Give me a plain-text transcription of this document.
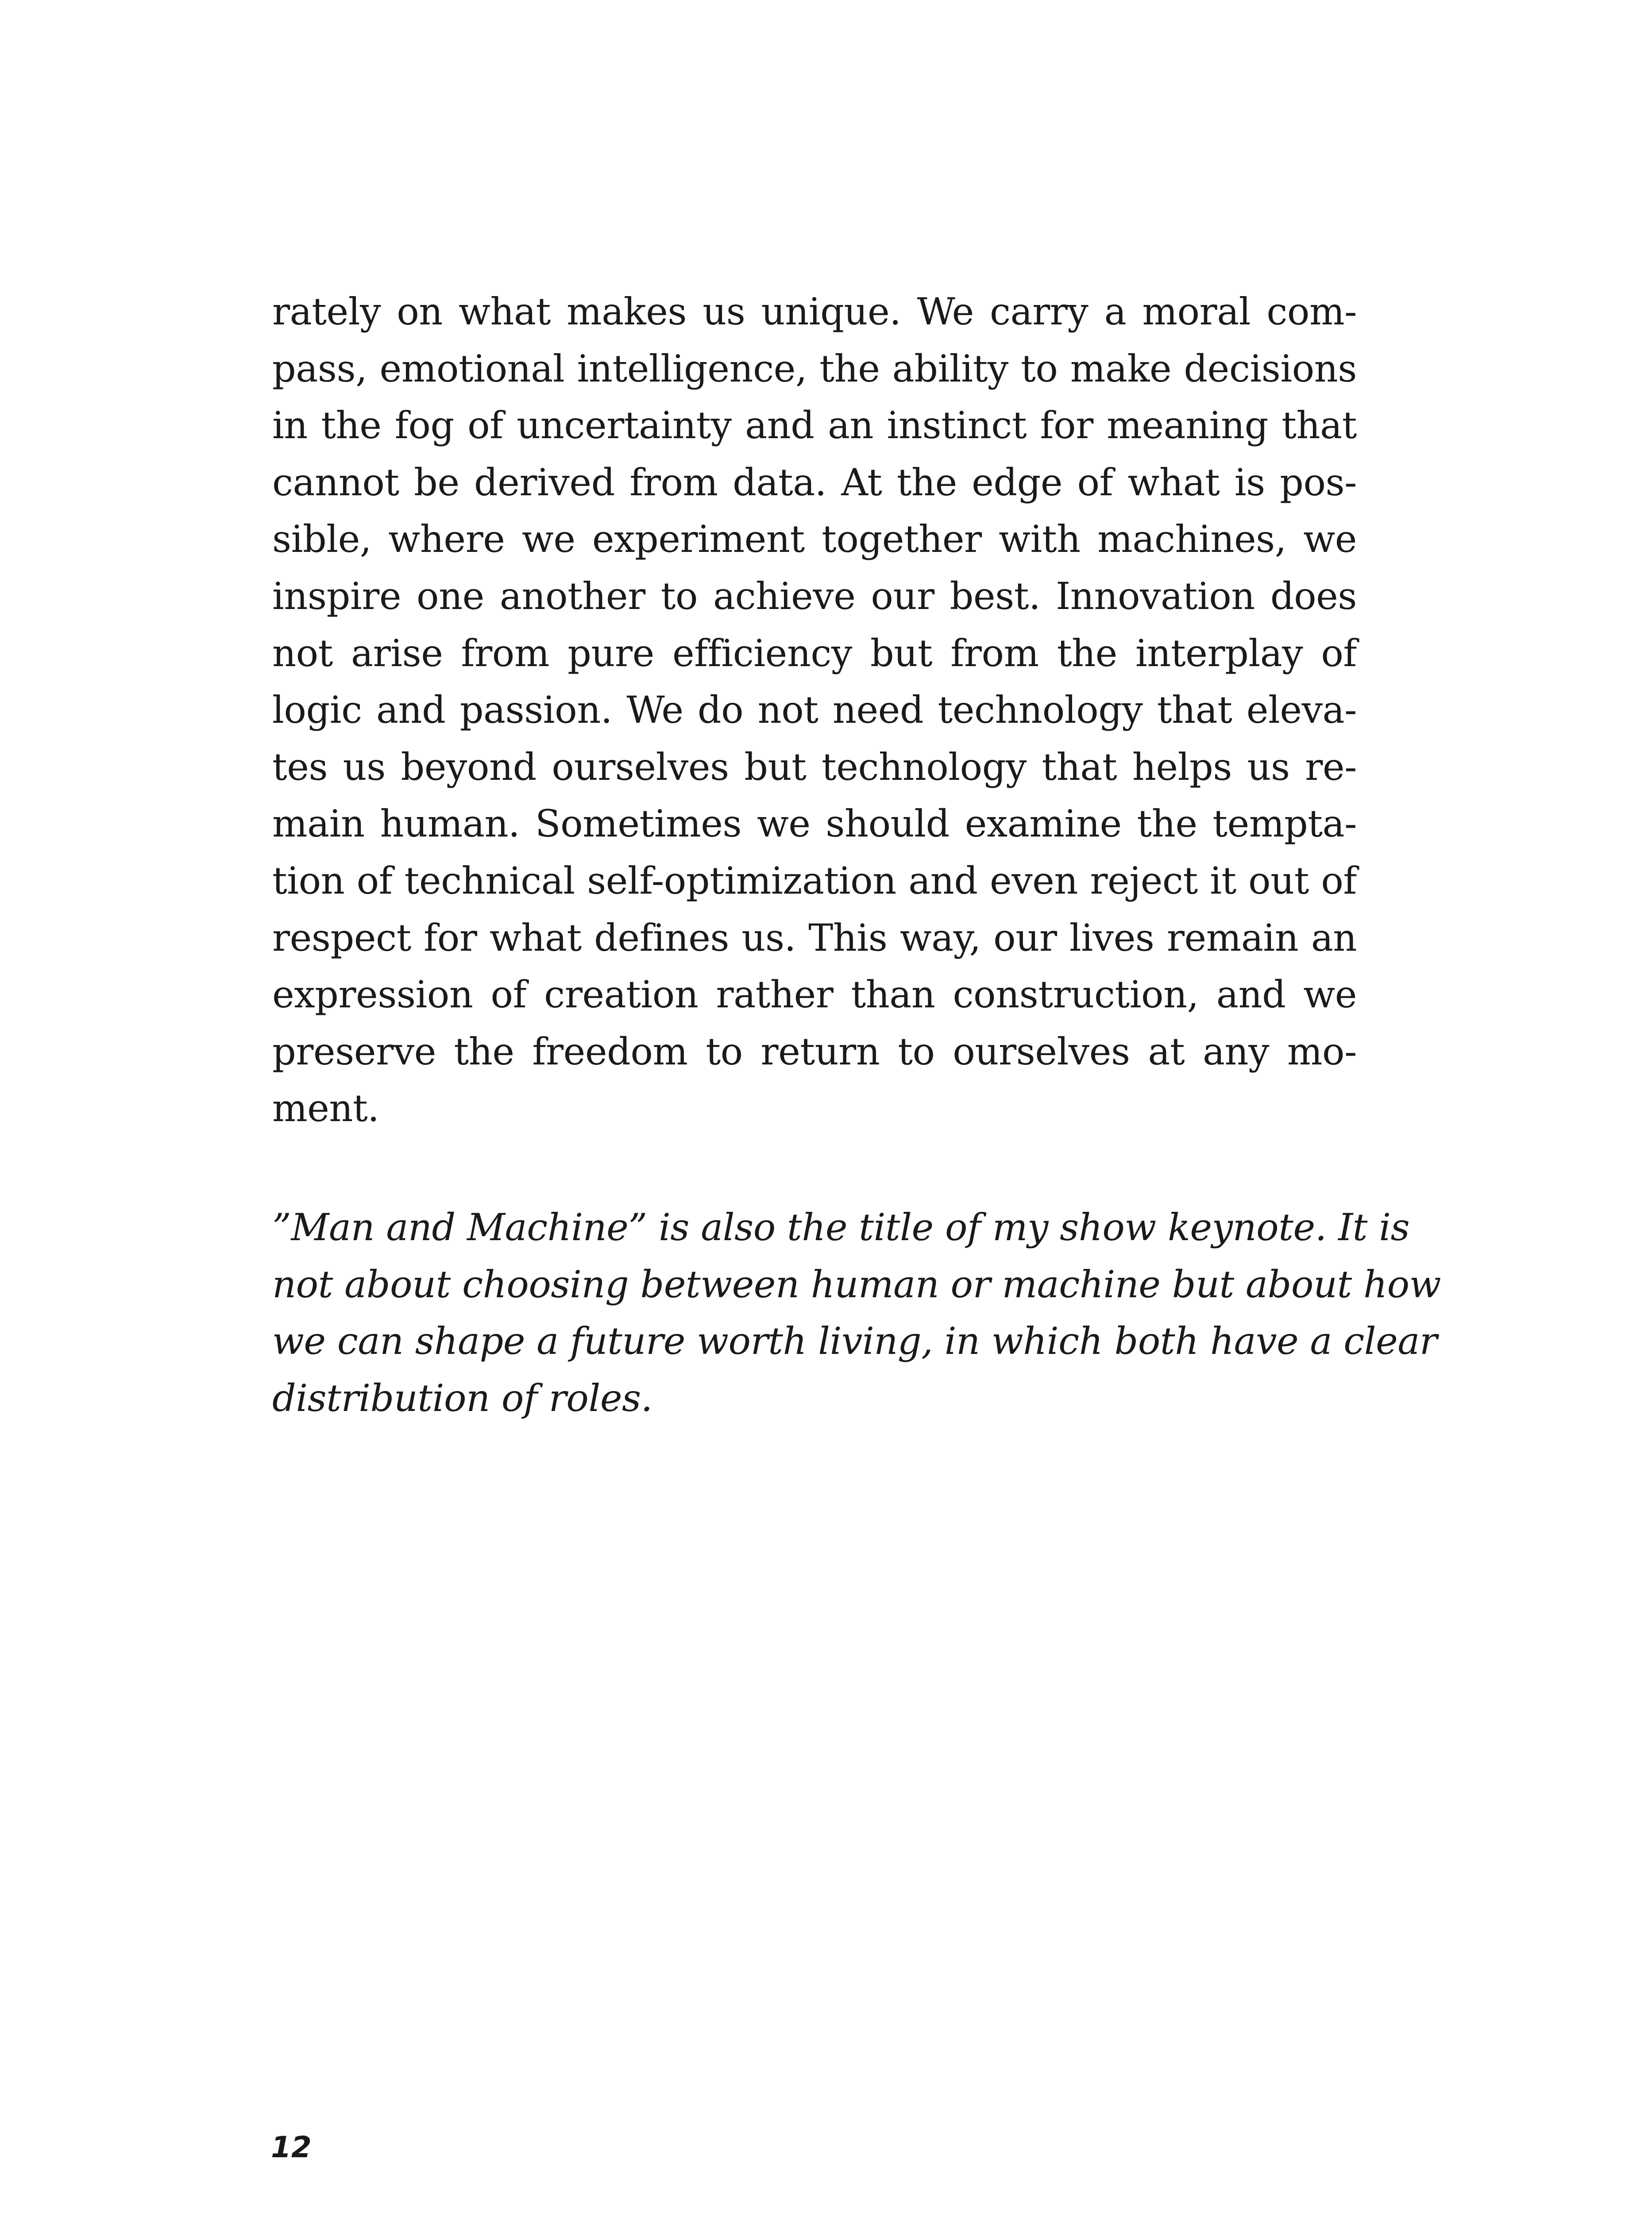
rately on what makes us unique. We carry a moral com-
pass, emotional intelligence, the ability to make decisions
in the fog of uncertainty and an instinct for meaning that
cannot be derived from data. At the edge of what is pos-
sible, where we experiment together with machines, we
inspire one another to achieve our best. Innovation does
not arise from pure efficiency but from the interplay of
logic and passion. We do not need technology that eleva-
tes us beyond ourselves but technology that helps us re-
main human. Sometimes we should examine the tempta-
tion of technical self-optimization and even reject it out of
respect for what defines us. This way, our lives remain an
expression of creation rather than construction, and we
preserve the freedom to return to ourselves at any mo-
ment.
”Man and Machine” is also the title of my show keynote. It is
not about choosing between human or machine but about how
we can shape a future worth living, in which both have a clear
distribution of roles.
12
